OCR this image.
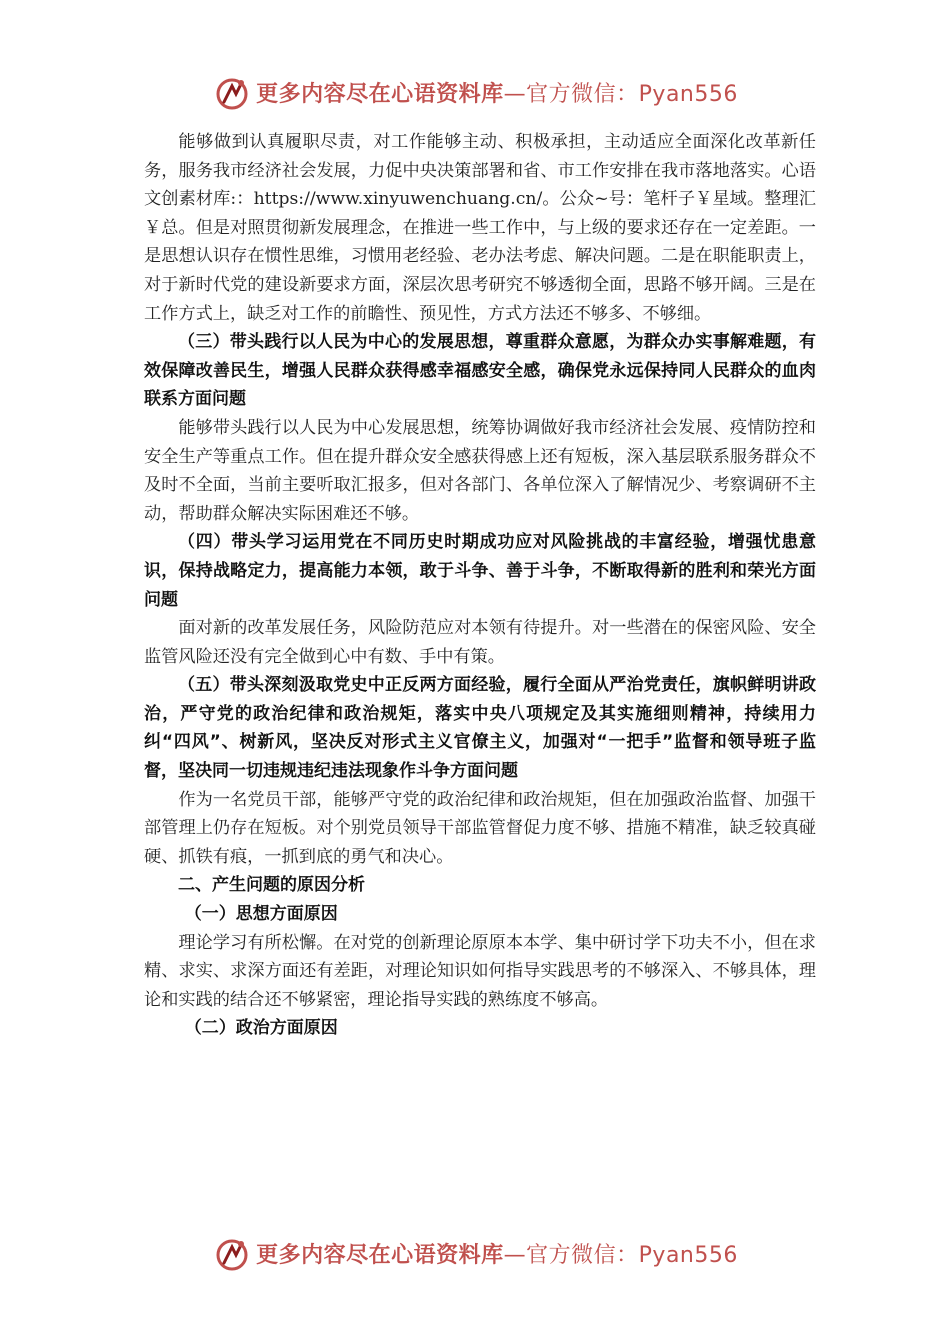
更多内容尽在心语资料库—官方微信：Pyan556

能够做到认真履职尽责，对工作能够主动、积极承担，主动适应全面深化改革新任务，服务我市经济社会发展，力促中央决策部署和省、市工作安排在我市落地落实。心语文创素材库:：https://www.xinyuwenchuang.cn/。公众~号：笔杆子￥星域。整理汇￥总。但是对照贯彻新发展理念，在推进一些工作中，与上级的要求还存在一定差距。一是思想认识存在惯性思维，习惯用老经验、老办法考虑、解决问题。二是在职能职责上，对于新时代党的建设新要求方面，深层次思考研究不够透彻全面，思路不够开阔。三是在工作方式上，缺乏对工作的前瞻性、预见性，方式方法还不够多、不够细。

（三）带头践行以人民为中心的发展思想，尊重群众意愿，为群众办实事解难题，有效保障改善民生，增强人民群众获得感幸福感安全感，确保党永远保持同人民群众的血肉联系方面问题

能够带头践行以人民为中心发展思想，统筹协调做好我市经济社会发展、疫情防控和安全生产等重点工作。但在提升群众安全感获得感上还有短板，深入基层联系服务群众不及时不全面，当前主要听取汇报多，但对各部门、各单位深入了解情况少、考察调研不主动，帮助群众解决实际困难还不够。

（四）带头学习运用党在不同历史时期成功应对风险挑战的丰富经验，增强忧患意识，保持战略定力，提高能力本领，敢于斗争、善于斗争，不断取得新的胜利和荣光方面问题

面对新的改革发展任务，风险防范应对本领有待提升。对一些潜在的保密风险、安全监管风险还没有完全做到心中有数、手中有策。

（五）带头深刻汲取党史中正反两方面经验，履行全面从严治党责任，旗帜鲜明讲政治，严守党的政治纪律和政治规矩，落实中央八项规定及其实施细则精神，持续用力纠“四风”、树新风，坚决反对形式主义官僚主义，加强对“一把手”监督和领导班子监督，坚决同一切违规违纪违法现象作斗争方面问题

作为一名党员干部，能够严守党的政治纪律和政治规矩，但在加强政治监督、加强干部管理上仍存在短板。对个别党员领导干部监管督促力度不够、措施不精准，缺乏较真碰硬、抓铁有痕，一抓到底的勇气和决心。

二、产生问题的原因分析

（一）思想方面原因

理论学习有所松懈。在对党的创新理论原原本本学、集中研讨学下功夫不小，但在求精、求实、求深方面还有差距，对理论知识如何指导实践思考的不够深入、不够具体，理论和实践的结合还不够紧密，理论指导实践的熟练度不够高。

（二）政治方面原因

更多内容尽在心语资料库—官方微信：Pyan556
